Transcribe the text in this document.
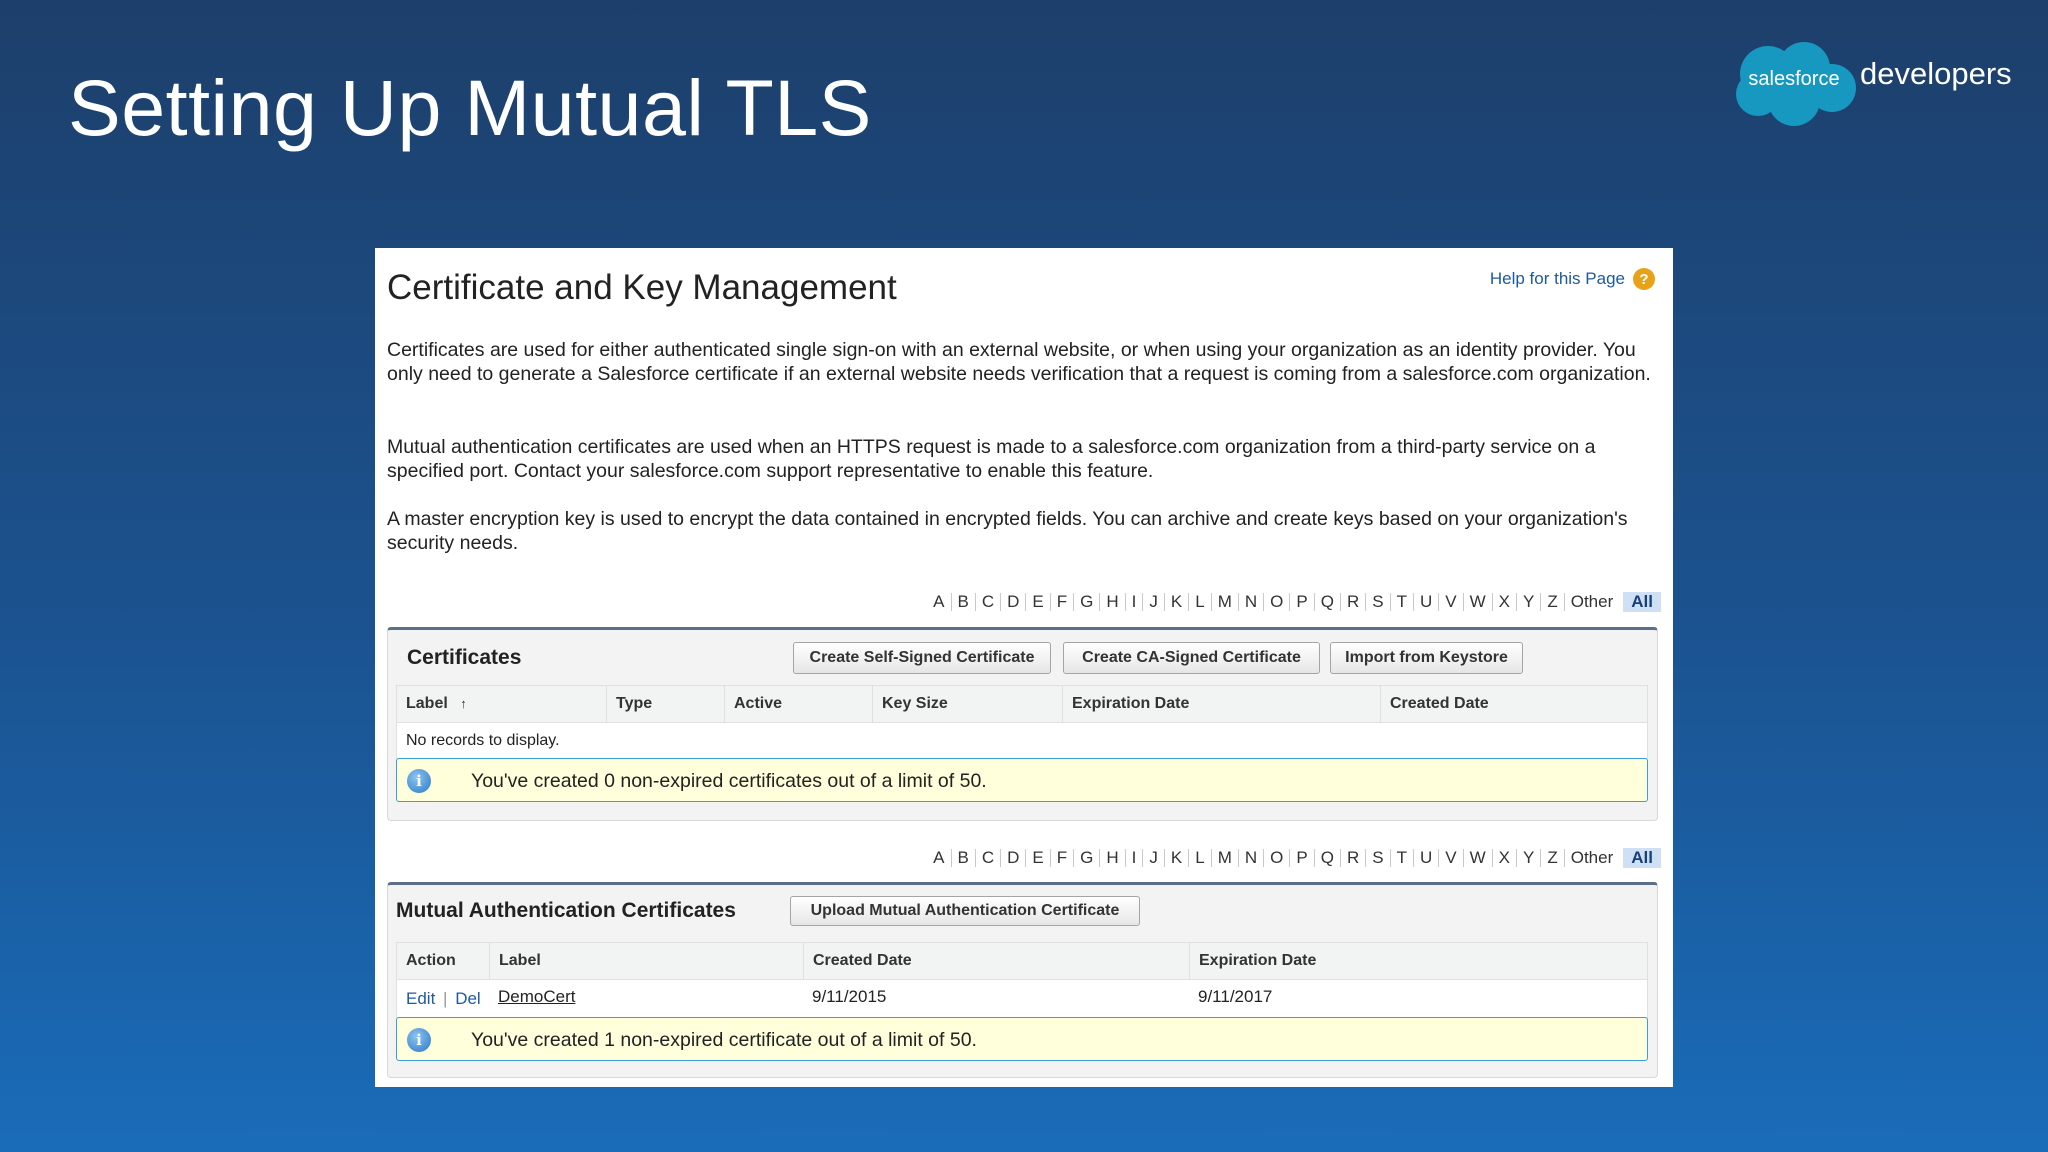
Setting Up Mutual TLS	salesforce developers
Certificate and Key Management	Help for this Page ?
Certificates are used for either authenticated single sign-on with an external website, or when using your organization as an identity provider. You only need to generate a Salesforce certificate if an external website needs verification that a request is coming from a salesforce.com organization.
Mutual authentication certificates are used when an HTTPS request is made to a salesforce.com organization from a third-party service on a specified port. Contact your salesforce.com support representative to enable this feature.
A master encryption key is used to encrypt the data contained in encrypted fields. You can archive and create keys based on your organization's security needs.
A B C D E F G H I J K L M N O P Q R S T U V W X Y Z Other	All
Certificates	Create Self-Signed Certificate	Create CA-Signed Certificate	Import from Keystore
Label ↑	Type	Active	Key Size	Expiration Date	Created Date
No records to display.
i	You've created 0 non-expired certificates out of a limit of 50.
A B C D E F G H I J K L M N O P Q R S T U V W X Y Z Other	All
Mutual Authentication Certificates	Upload Mutual Authentication Certificate
Action	Label	Created Date	Expiration Date
Edit | Del DemoCert	9/11/2015	9/11/2017
i	You've created 1 non-expired certificate out of a limit of 50.
